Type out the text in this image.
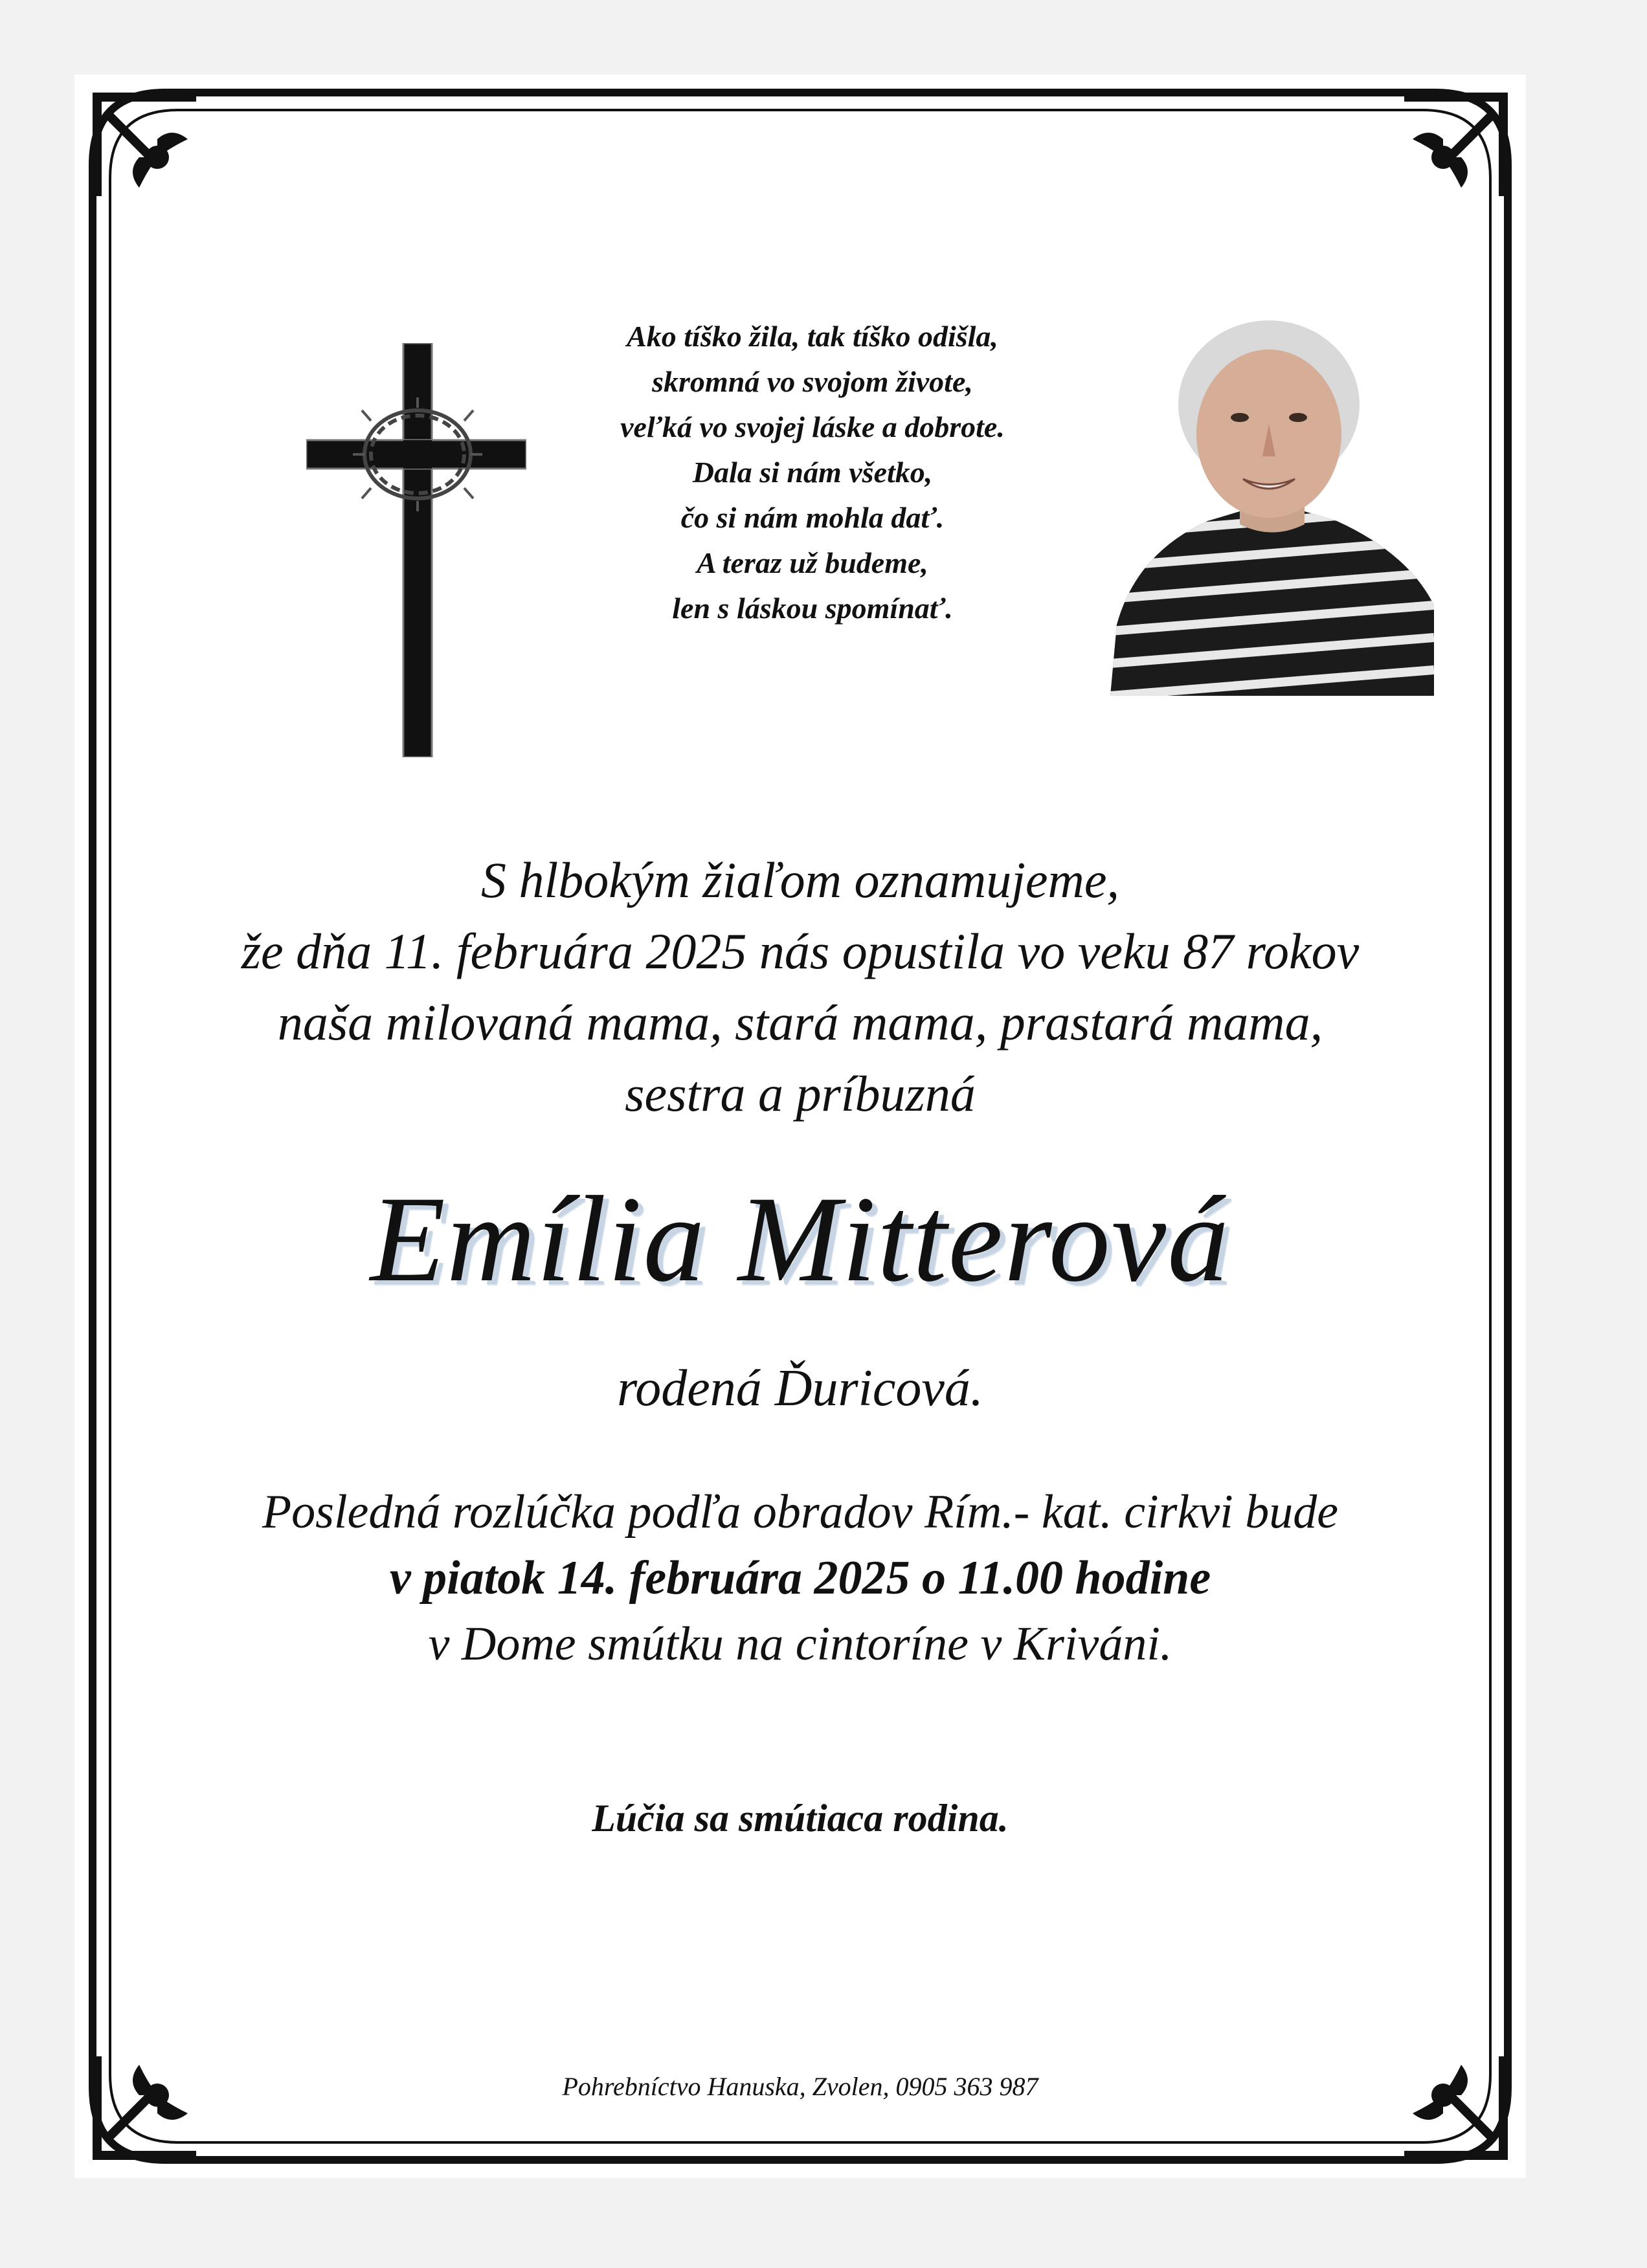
Ako tíško žila, tak tíško odišla,
skromná vo svojom živote,
veľká vo svojej láske a dobrote.
Dala si nám všetko,
čo si nám mohla dať.
A teraz už budeme,
len s láskou spomínať.
S hlbokým žiaľom oznamujeme,
že dňa 11. februára 2025 nás opustila vo veku 87 rokov
naša milovaná mama, stará mama, prastará mama,
sestra a príbuzná
Emília Mitterová
rodená Ďuricová.
Posledná rozlúčka podľa obradov Rím.- kat. cirkvi bude
v piatok 14. februára 2025 o 11.00 hodine
v Dome smútku na cintoríne v Kriváni.
Lúčia sa smútiaca rodina.
Pohrebníctvo Hanuska, Zvolen, 0905 363 987
